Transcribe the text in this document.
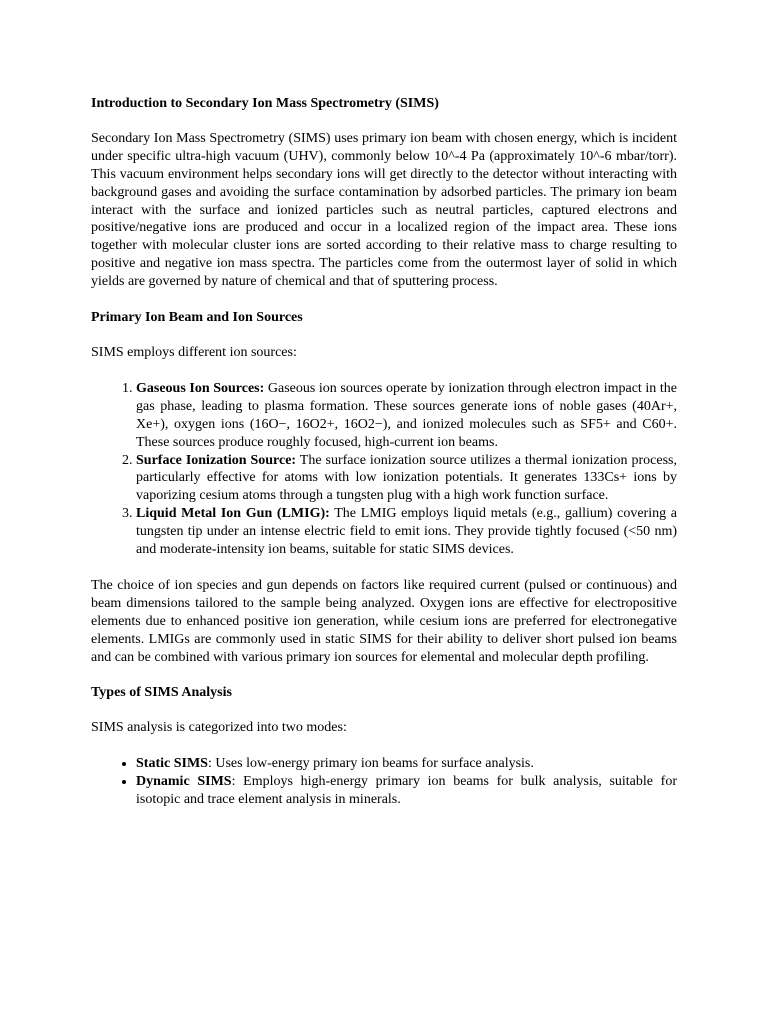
Introduction to Secondary Ion Mass Spectrometry (SIMS)

Secondary Ion Mass Spectrometry (SIMS) uses primary ion beam with chosen energy, which is incident under specific ultra-high vacuum (UHV), commonly below 10^-4 Pa (approximately 10^-6 mbar/torr). This vacuum environment helps secondary ions will get directly to the detector without interacting with background gases and avoiding the surface contamination by adsorbed particles. The primary ion beam interact with the surface and ionized particles such as neutral particles, captured electrons and positive/negative ions are produced and occur in a localized region of the impact area. These ions together with molecular cluster ions are sorted according to their relative mass to charge resulting to positive and negative ion mass spectra. The particles come from the outermost layer of solid in which yields are governed by nature of chemical and that of sputtering process.

Primary Ion Beam and Ion Sources

SIMS employs different ion sources:

1. Gaseous Ion Sources: Gaseous ion sources operate by ionization through electron impact in the gas phase, leading to plasma formation. These sources generate ions of noble gases (40Ar+, Xe+), oxygen ions (16O−, 16O2+, 16O2−), and ionized molecules such as SF5+ and C60+. These sources produce roughly focused, high-current ion beams.
2. Surface Ionization Source: The surface ionization source utilizes a thermal ionization process, particularly effective for atoms with low ionization potentials. It generates 133Cs+ ions by vaporizing cesium atoms through a tungsten plug with a high work function surface.
3. Liquid Metal Ion Gun (LMIG): The LMIG employs liquid metals (e.g., gallium) covering a tungsten tip under an intense electric field to emit ions. They provide tightly focused (<50 nm) and moderate-intensity ion beams, suitable for static SIMS devices.

The choice of ion species and gun depends on factors like required current (pulsed or continuous) and beam dimensions tailored to the sample being analyzed. Oxygen ions are effective for electropositive elements due to enhanced positive ion generation, while cesium ions are preferred for electronegative elements. LMIGs are commonly used in static SIMS for their ability to deliver short pulsed ion beams and can be combined with various primary ion sources for elemental and molecular depth profiling.

Types of SIMS Analysis

SIMS analysis is categorized into two modes:

• Static SIMS: Uses low-energy primary ion beams for surface analysis.
• Dynamic SIMS: Employs high-energy primary ion beams for bulk analysis, suitable for isotopic and trace element analysis in minerals.
